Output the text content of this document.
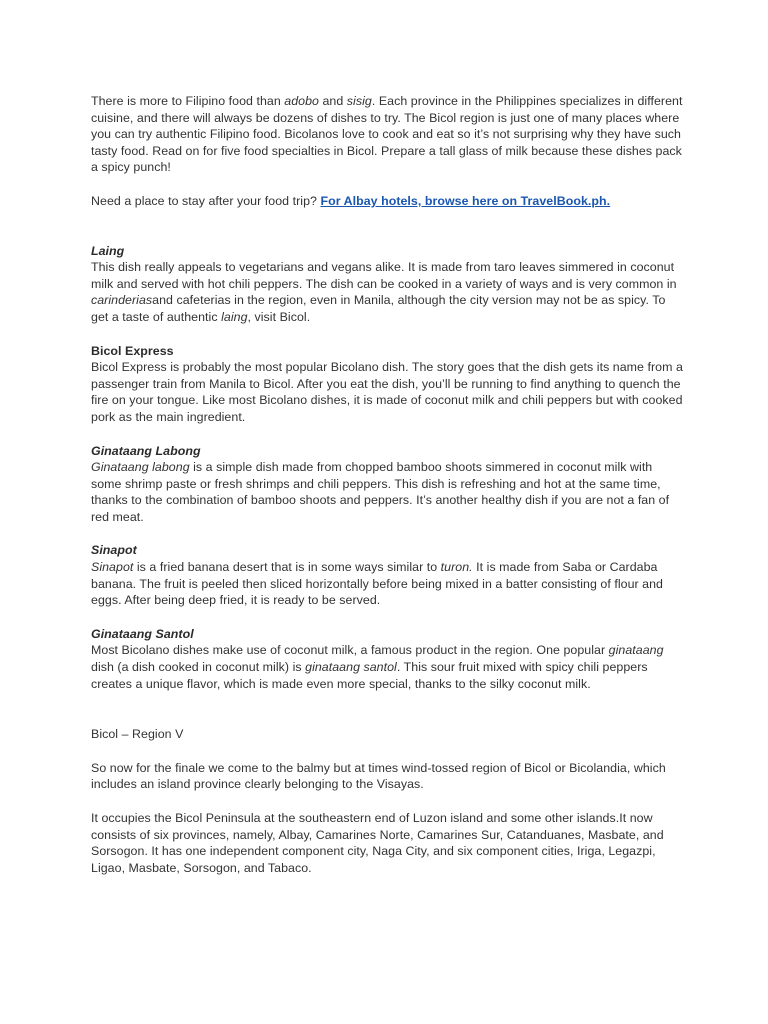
There is more to Filipino food than adobo and sisig. Each province in the Philippines specializes in different cuisine, and there will always be dozens of dishes to try. The Bicol region is just one of many places where you can try authentic Filipino food. Bicolanos love to cook and eat so it’s not surprising why they have such tasty food. Read on for five food specialties in Bicol. Prepare a tall glass of milk because these dishes pack a spicy punch!

Need a place to stay after your food trip? For Albay hotels, browse here on TravelBook.ph.

Laing

This dish really appeals to vegetarians and vegans alike. It is made from taro leaves simmered in coconut milk and served with hot chili peppers. The dish can be cooked in a variety of ways and is very common in carinderiasand cafeterias in the region, even in Manila, although the city version may not be as spicy. To get a taste of authentic laing, visit Bicol.

Bicol Express

Bicol Express is probably the most popular Bicolano dish. The story goes that the dish gets its name from a passenger train from Manila to Bicol. After you eat the dish, you’ll be running to find anything to quench the fire on your tongue. Like most Bicolano dishes, it is made of coconut milk and chili peppers but with cooked pork as the main ingredient.

Ginataang Labong

Ginataang labong is a simple dish made from chopped bamboo shoots simmered in coconut milk with some shrimp paste or fresh shrimps and chili peppers. This dish is refreshing and hot at the same time, thanks to the combination of bamboo shoots and peppers. It’s another healthy dish if you are not a fan of red meat.

Sinapot

Sinapot is a fried banana desert that is in some ways similar to turon. It is made from Saba or Cardaba banana. The fruit is peeled then sliced horizontally before being mixed in a batter consisting of flour and eggs. After being deep fried, it is ready to be served.

Ginataang Santol

Most Bicolano dishes make use of coconut milk, a famous product in the region. One popular ginataang dish (a dish cooked in coconut milk) is ginataang santol. This sour fruit mixed with spicy chili peppers creates a unique flavor, which is made even more special, thanks to the silky coconut milk.

Bicol – Region V

So now for the finale we come to the balmy but at times wind-tossed region of Bicol or Bicolandia, which includes an island province clearly belonging to the Visayas.

It occupies the Bicol Peninsula at the southeastern end of Luzon island and some other islands.It now consists of six provinces, namely, Albay, Camarines Norte, Camarines Sur, Catanduanes, Masbate, and Sorsogon. It has one independent component city, Naga City, and six component cities, Iriga, Legazpi, Ligao, Masbate, Sorsogon, and Tabaco.
